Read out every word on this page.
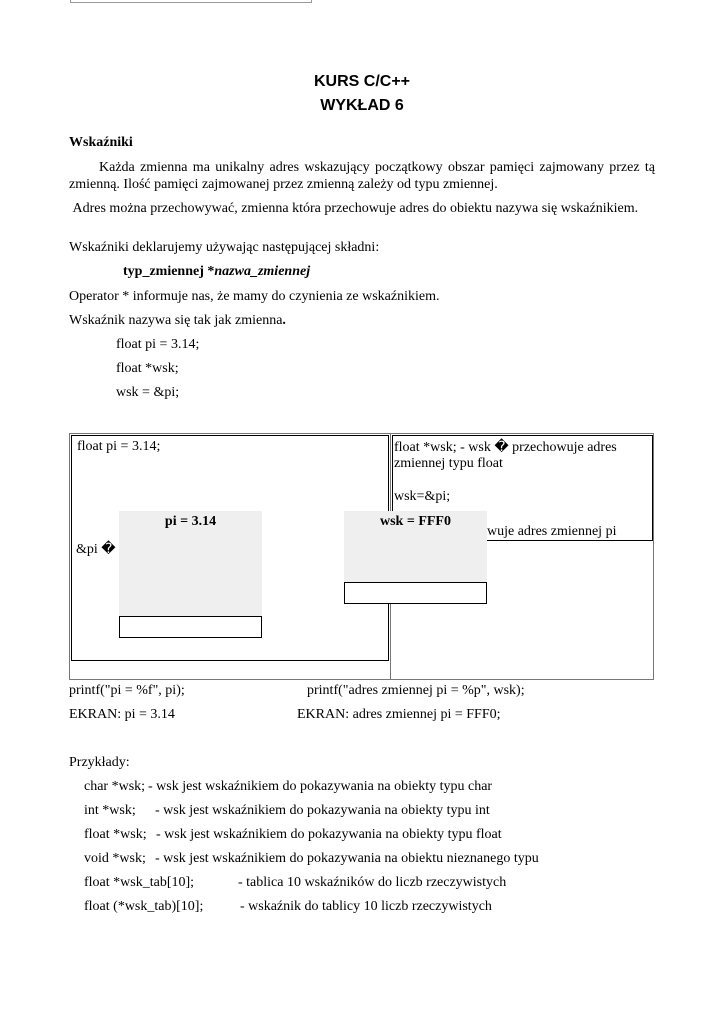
KURS C/C++
WYKŁAD 6
Wskaźniki
Każda zmienna ma unikalny adres wskazujący początkowy obszar pamięci zajmowany przez tą zmienną. Ilość pamięci zajmowanej przez zmienną zależy od typu zmiennej.
Adres można przechowywać, zmienna która przechowuje adres do obiektu nazywa się wskaźnikiem.
Wskaźniki deklarujemy używając następującej składni:
typ_zmiennej *nazwa_zmiennej
Operator * informuje nas, że mamy do czynienia ze wskaźnikiem.
Wskaźnik nazywa się tak jak zmienna.
float pi = 3.14;
float *wsk;
wsk = &pi;
float pi = 3.14;	float *wsk; - wsk � przechowuje adres
zmiennej typu float
wsk=&pi;
wuje adres zmiennej pi
&pi �
pi = 3.14	wsk = FFF0
printf("pi = %f", pi);	printf("adres zmiennej pi = %p", wsk);
EKRAN: pi = 3.14	EKRAN: adres zmiennej pi = FFF0;
Przykłady:
char *wsk; - wsk jest wskaźnikiem do pokazywania na obiekty typu char
int *wsk; - wsk jest wskaźnikiem do pokazywania na obiekty typu int
float *wsk; - wsk jest wskaźnikiem do pokazywania na obiekty typu float
void *wsk; - wsk jest wskaźnikiem do pokazywania na obiektu nieznanego typu
float *wsk_tab[10];	- tablica 10 wskaźników do liczb rzeczywistych
float (*wsk_tab)[10];	- wskaźnik do tablicy 10 liczb rzeczywistych
